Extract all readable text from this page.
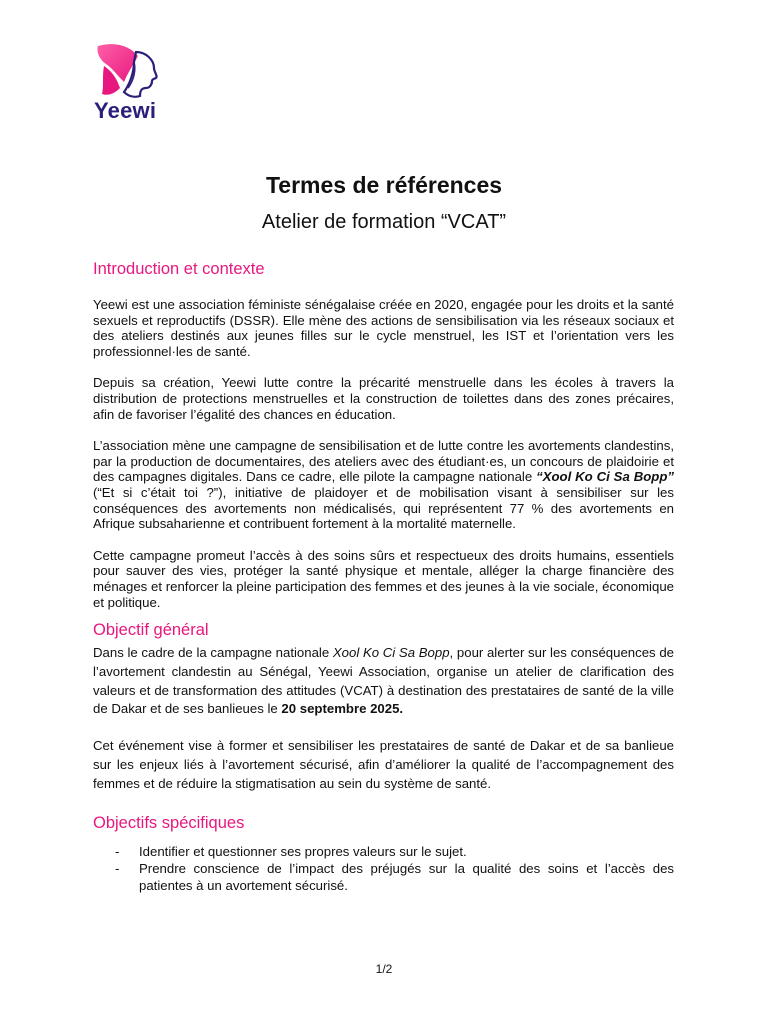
Yeewi
Termes de références
Atelier de formation “VCAT”
Introduction et contexte

Yeewi est une association féministe sénégalaise créée en 2020, engagée pour les droits et la santé sexuels et reproductifs (DSSR). Elle mène des actions de sensibilisation via les réseaux sociaux et des ateliers destinés aux jeunes filles sur le cycle menstruel, les IST et l’orientation vers les professionnel·les de santé.

Depuis sa création, Yeewi lutte contre la précarité menstruelle dans les écoles à travers la distribution de protections menstruelles et la construction de toilettes dans des zones précaires, afin de favoriser l’égalité des chances en éducation.

L’association mène une campagne de sensibilisation et de lutte contre les avortements clandestins, par la production de documentaires, des ateliers avec des étudiant·es, un concours de plaidoirie et des campagnes digitales. Dans ce cadre, elle pilote la campagne nationale “Xool Ko Ci Sa Bopp” (“Et si c’était toi ?”), initiative de plaidoyer et de mobilisation visant à sensibiliser sur les conséquences des avortements non médicalisés, qui représentent 77 % des avortements en Afrique subsaharienne et contribuent fortement à la mortalité maternelle.

Cette campagne promeut l’accès à des soins sûrs et respectueux des droits humains, essentiels pour sauver des vies, protéger la santé physique et mentale, alléger la charge financière des ménages et renforcer la pleine participation des femmes et des jeunes à la vie sociale, économique et politique.

Objectif général

Dans le cadre de la campagne nationale Xool Ko Ci Sa Bopp, pour alerter sur les conséquences de l’avortement clandestin au Sénégal, Yeewi Association, organise un atelier de clarification des valeurs et de transformation des attitudes (VCAT) à destination des prestataires de santé de la ville de Dakar et de ses banlieues le 20 septembre 2025.

Cet événement vise à former et sensibiliser les prestataires de santé de Dakar et de sa banlieue sur les enjeux liés à l’avortement sécurisé, afin d’améliorer la qualité de l’accompagnement des femmes et de réduire la stigmatisation au sein du système de santé.

Objectifs spécifiques
- Identifier et questionner ses propres valeurs sur le sujet.
- Prendre conscience de l’impact des préjugés sur la qualité des soins et l’accès des patientes à un avortement sécurisé.
1/2
